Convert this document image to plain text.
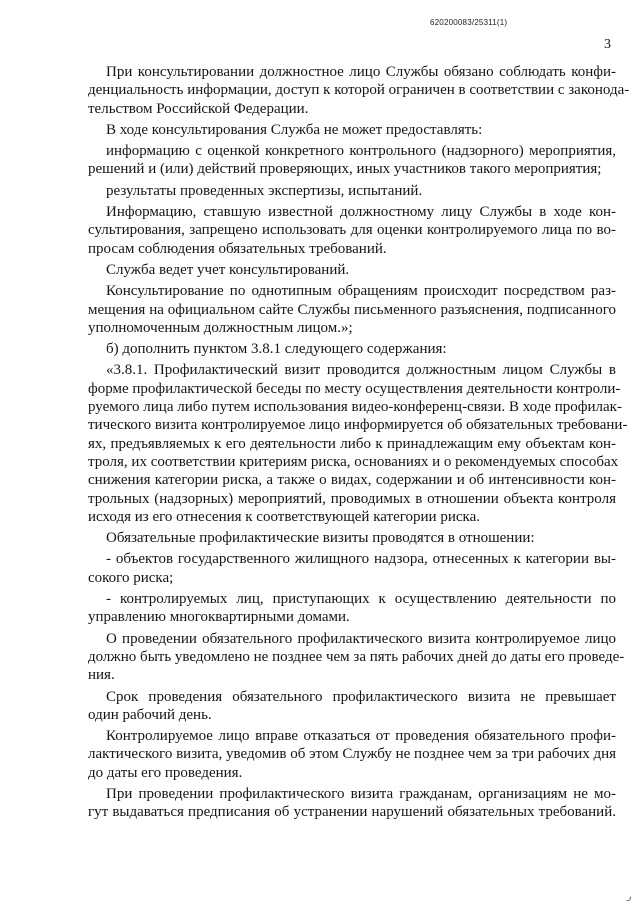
620200083/25311(1)
3
При консультировании должностное лицо Службы обязано соблюдать конфи-
денциальность информации, доступ к которой ограничен в соответствии с законода-
тельством Российской Федерации.
В ходе консультирования Служба не может предоставлять:
информацию с оценкой конкретного контрольного (надзорного) мероприятия,
решений и (или) действий проверяющих, иных участников такого мероприятия;
результаты проведенных экспертизы, испытаний.
Информацию, ставшую известной должностному лицу Службы в ходе кон-
сультирования, запрещено использовать для оценки контролируемого лица по во-
просам соблюдения обязательных требований.
Служба ведет учет консультирований.
Консультирование по однотипным обращениям происходит посредством раз-
мещения на официальном сайте Службы письменного разъяснения, подписанного
уполномоченным должностным лицом.»;
б) дополнить пунктом 3.8.1 следующего содержания:
«3.8.1. Профилактический визит проводится должностным лицом Службы в
форме профилактической беседы по месту осуществления деятельности контроли-
руемого лица либо путем использования видео-конференц-связи. В ходе профилак-
тического визита контролируемое лицо информируется об обязательных требовани-
ях, предъявляемых к его деятельности либо к принадлежащим ему объектам кон-
троля, их соответствии критериям риска, основаниях и о рекомендуемых способах
снижения категории риска, а также о видах, содержании и об интенсивности кон-
трольных (надзорных) мероприятий, проводимых в отношении объекта контроля
исходя из его отнесения к соответствующей категории риска.
Обязательные профилактические визиты проводятся в отношении:
- объектов государственного жилищного надзора, отнесенных к категории вы-
сокого риска;
- контролируемых лиц, приступающих к осуществлению деятельности по
управлению многоквартирными домами.
О проведении обязательного профилактического визита контролируемое лицо
должно быть уведомлено не позднее чем за пять рабочих дней до даты его проведе-
ния.
Срок проведения обязательного профилактического визита не превышает
один рабочий день.
Контролируемое лицо вправе отказаться от проведения обязательного профи-
лактического визита, уведомив об этом Службу не позднее чем за три рабочих дня
до даты его проведения.
При проведении профилактического визита гражданам, организациям не мо-
гут выдаваться предписания об устранении нарушений обязательных требований.
ر
